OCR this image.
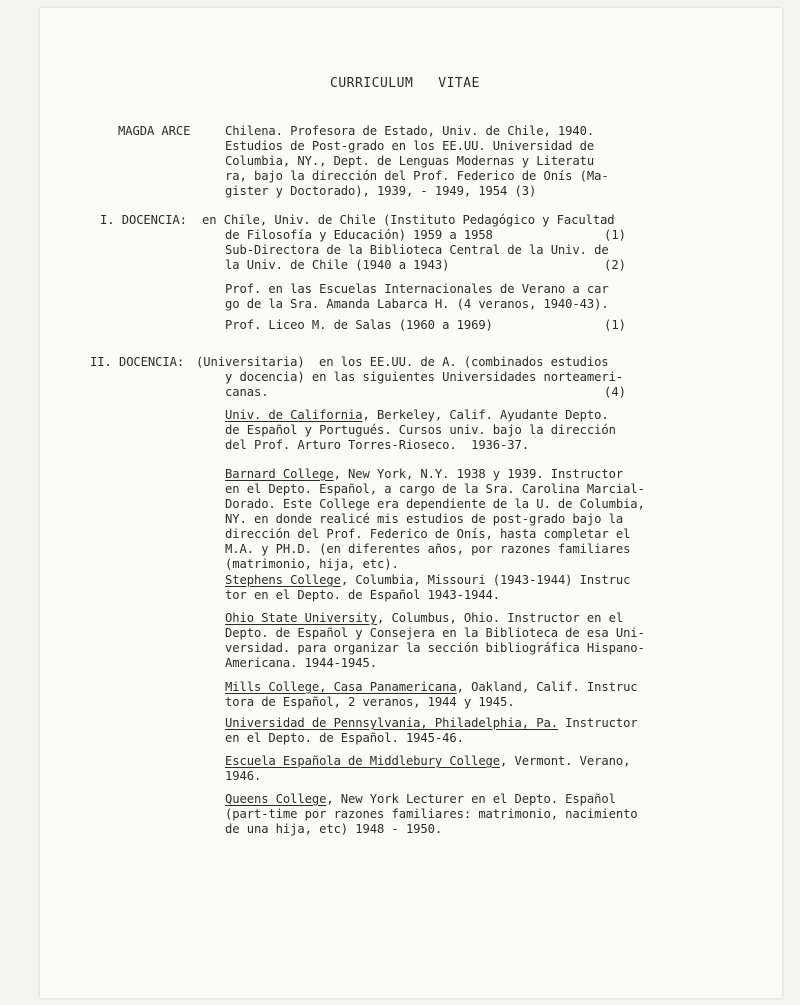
CURRICULUM   VITAE
MAGDA ARCE	Chilena. Profesora de Estado, Univ. de Chile, 1940.
Estudios de Post-grado en los EE.UU. Universidad de
Columbia, NY., Dept. de Lenguas Modernas y Literatu
ra, bajo la dirección del Prof. Federico de Onís (Ma-
gister y Doctorado), 1939, - 1949, 1954 (3)
I. DOCENCIA: en Chile, Univ. de Chile (Instituto Pedagógico y Facultad
de Filosofía y Educación) 1959 a 1958	(1)
Sub-Directora de la Biblioteca Central de la Univ. de
la Univ. de Chile (1940 a 1943)	(2)
Prof. en las Escuelas Internacionales de Verano a car
go de la Sra. Amanda Labarca H. (4 veranos, 1940-43).
Prof. Liceo M. de Salas (1960 a 1969)	(1)
II. DOCENCIA: (Universitaria)  en los EE.UU. de A. (combinados estudios
y docencia) en las siguientes Universidades norteameri-
canas.	(4)
Univ. de California, Berkeley, Calif. Ayudante Depto.
de Español y Portugués. Cursos univ. bajo la dirección
del Prof. Arturo Torres-Rioseco.  1936-37.
Barnard College, New York, N.Y. 1938 y 1939. Instructor
en el Depto. Español, a cargo de la Sra. Carolina Marcial-
Dorado. Este College era dependiente de la U. de Columbia,
NY. en donde realicé mis estudios de post-grado bajo la
dirección del Prof. Federico de Onís, hasta completar el
M.A. y PH.D. (en diferentes años, por razones familiares
(matrimonio, hija, etc).
Stephens College, Columbia, Missouri (1943-1944) Instruc
tor en el Depto. de Español 1943-1944.
Ohio State University, Columbus, Ohio. Instructor en el
Depto. de Español y Consejera en la Biblioteca de esa Uni-
versidad. para organizar la sección bibliográfica Hispano-
Americana. 1944-1945.
Mills College, Casa Panamericana, Oakland, Calif. Instruc
tora de Español, 2 veranos, 1944 y 1945.
Universidad de Pennsylvania, Philadelphia, Pa. Instructor
en el Depto. de Español. 1945-46.
Escuela Española de Middlebury College, Vermont. Verano,
1946.
Queens College, New York Lecturer en el Depto. Español
(part-time por razones familiares: matrimonio, nacimiento
de una hija, etc) 1948 - 1950.
